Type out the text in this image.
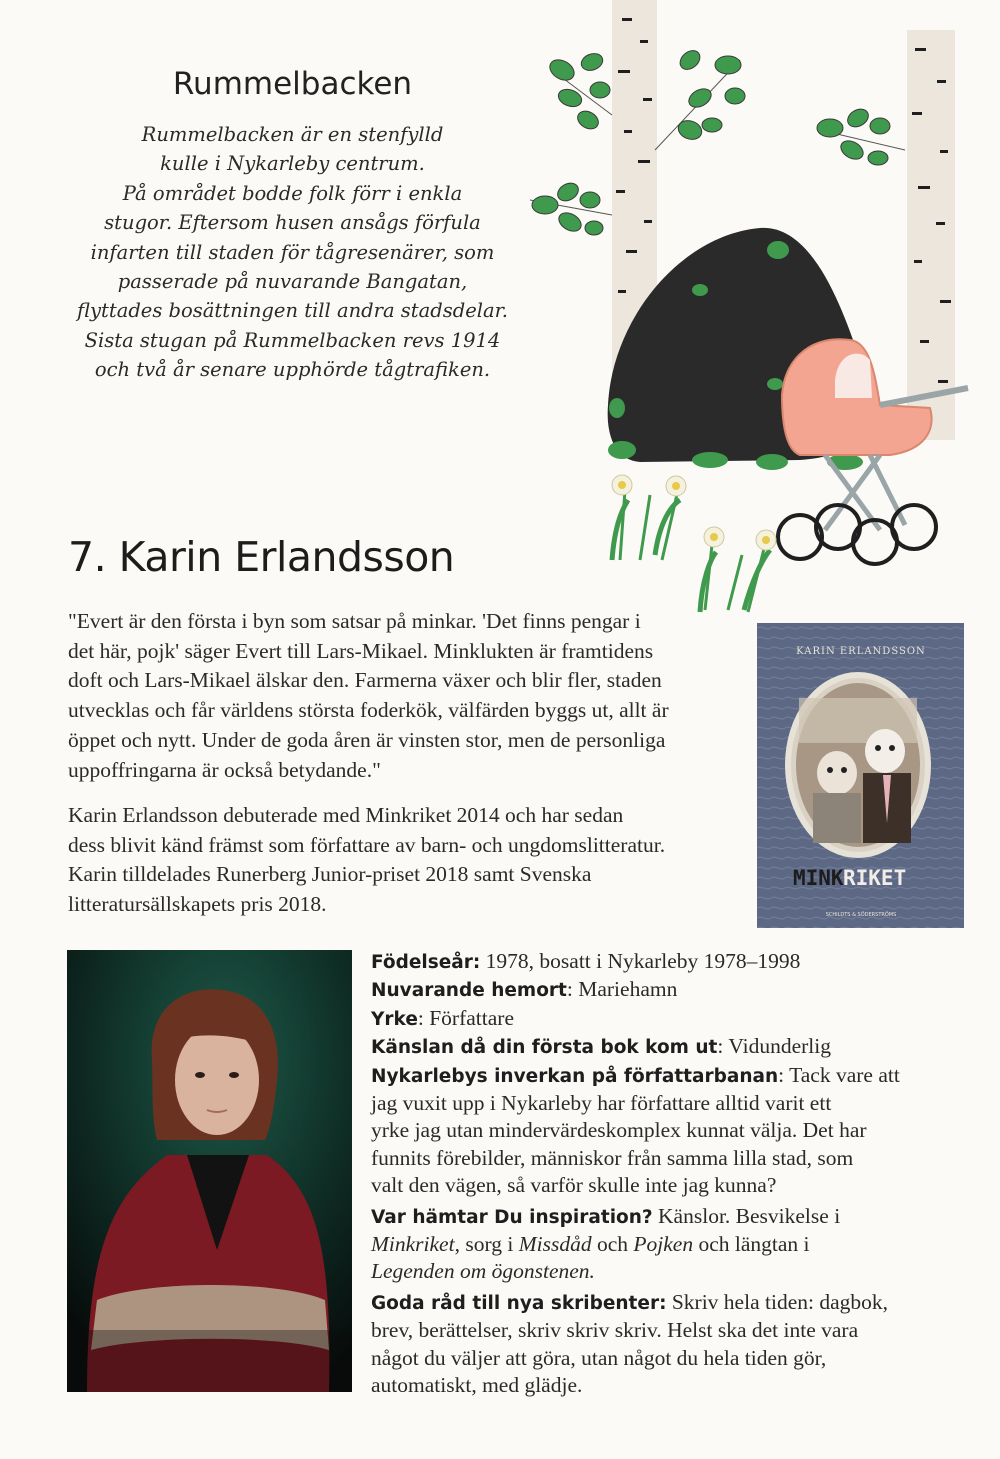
Rummelbacken
Rummelbacken är en stenfylld
kulle i Nykarleby centrum.
På området bodde folk förr i enkla
stugor. Eftersom husen ansågs förfula
infarten till staden för tågresenärer, som
passerade på nuvarande Bangatan,
flyttades bosättningen till andra stadsdelar.
Sista stugan på Rummelbacken revs 1914
och två år senare upphörde tågtrafiken.
7. Karin Erlandsson
"Evert är den första i byn som satsar på minkar. 'Det finns pengar i
det här, pojk' säger Evert till Lars-Mikael. Minklukten är framtidens
doft och Lars-Mikael älskar den. Farmerna växer och blir fler, staden
utvecklas och får världens största foderkök, välfärden byggs ut, allt är
öppet och nytt. Under de goda åren är vinsten stor, men de personliga
uppoffringarna är också betydande."
Karin Erlandsson debuterade med Minkriket 2014 och har sedan
dess blivit känd främst som författare av barn- och ungdomslitteratur.
Karin tilldelades Runerberg Junior-priset 2018 samt Svenska
litteratursällskapets pris 2018.
KARIN ERLANDSSON
MINK RIKET
SCHILDTS & SÖDERSTRÖMS
Födelseår: 1978, bosatt i Nykarleby 1978–1998
Nuvarande hemort: Mariehamn
Yrke: Författare
Känslan då din första bok kom ut: Vidunderlig
Nykarlebys inverkan på författarbanan: Tack vare att
jag vuxit upp i Nykarleby har författare alltid varit ett
yrke jag utan mindervärdeskomplex kunnat välja. Det har
funnits förebilder, människor från samma lilla stad, som
valt den vägen, så varför skulle inte jag kunna?
Var hämtar Du inspiration? Känslor. Besvikelse i
Minkriket, sorg i Missdåd och Pojken och längtan i
Legenden om ögonstenen.
Goda råd till nya skribenter: Skriv hela tiden: dagbok,
brev, berättelser, skriv skriv skriv. Helst ska det inte vara
något du väljer att göra, utan något du hela tiden gör,
automatiskt, med glädje.
